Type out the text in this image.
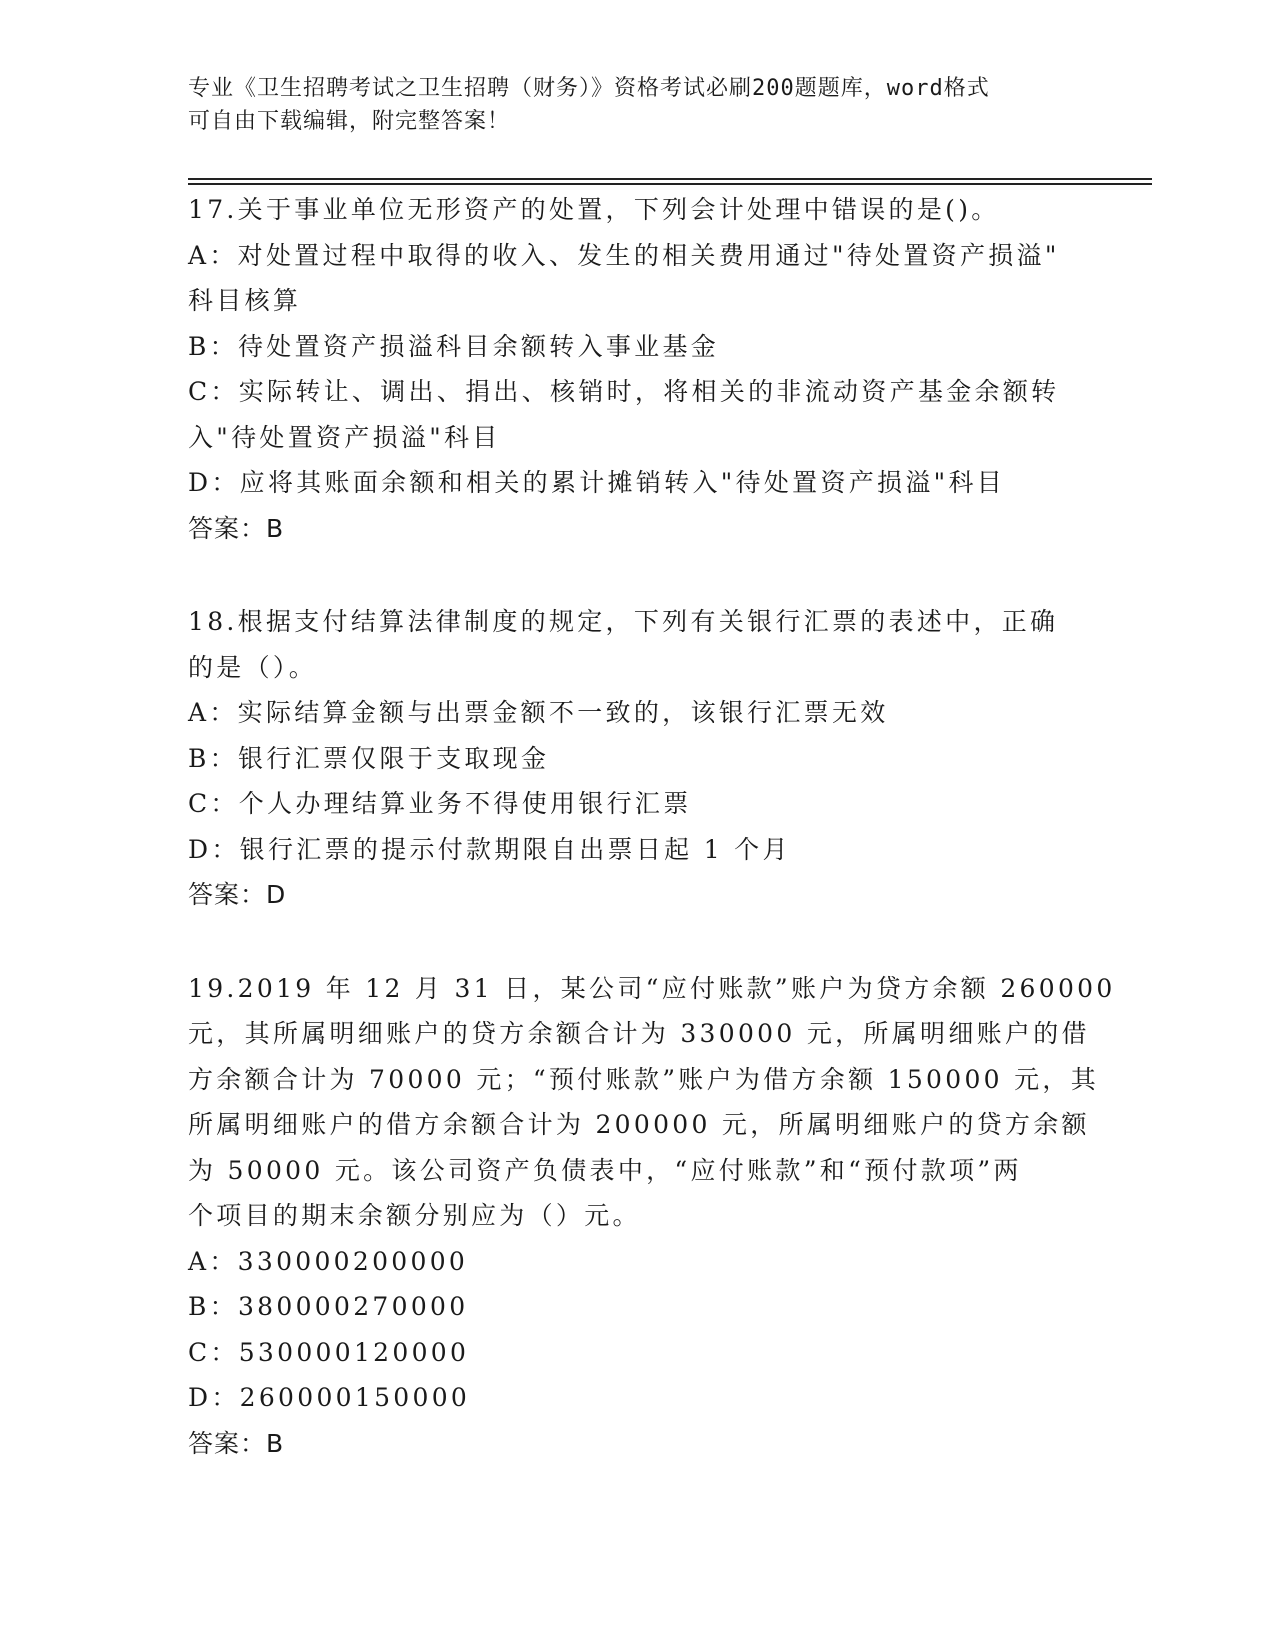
专业《卫生招聘考试之卫生招聘（财务）》资格考试必刷200题题库，word格式
可自由下载编辑，附完整答案！
17.关于事业单位无形资产的处置，下列会计处理中错误的是()。
A：对处置过程中取得的收入、发生的相关费用通过"待处置资产损溢"
科目核算
B：待处置资产损溢科目余额转入事业基金
C：实际转让、调出、捐出、核销时，将相关的非流动资产基金余额转
入"待处置资产损溢"科目
D：应将其账面余额和相关的累计摊销转入"待处置资产损溢"科目
答案：B
18.根据支付结算法律制度的规定，下列有关银行汇票的表述中，正确
的是（）。
A：实际结算金额与出票金额不一致的，该银行汇票无效
B：银行汇票仅限于支取现金
C：个人办理结算业务不得使用银行汇票
D：银行汇票的提示付款期限自出票日起 1 个月
答案：D
19.2019 年 12 月 31 日，某公司“应付账款”账户为贷方余额 260000
元，其所属明细账户的贷方余额合计为 330000 元，所属明细账户的借
方余额合计为 70000 元；“预付账款”账户为借方余额 150000 元，其
所属明细账户的借方余额合计为 200000 元，所属明细账户的贷方余额
为 50000 元。该公司资产负债表中，“应付账款”和“预付款项”两
个项目的期末余额分别应为（）元。
A：330000200000
B：380000270000
C：530000120000
D：260000150000
答案：B
